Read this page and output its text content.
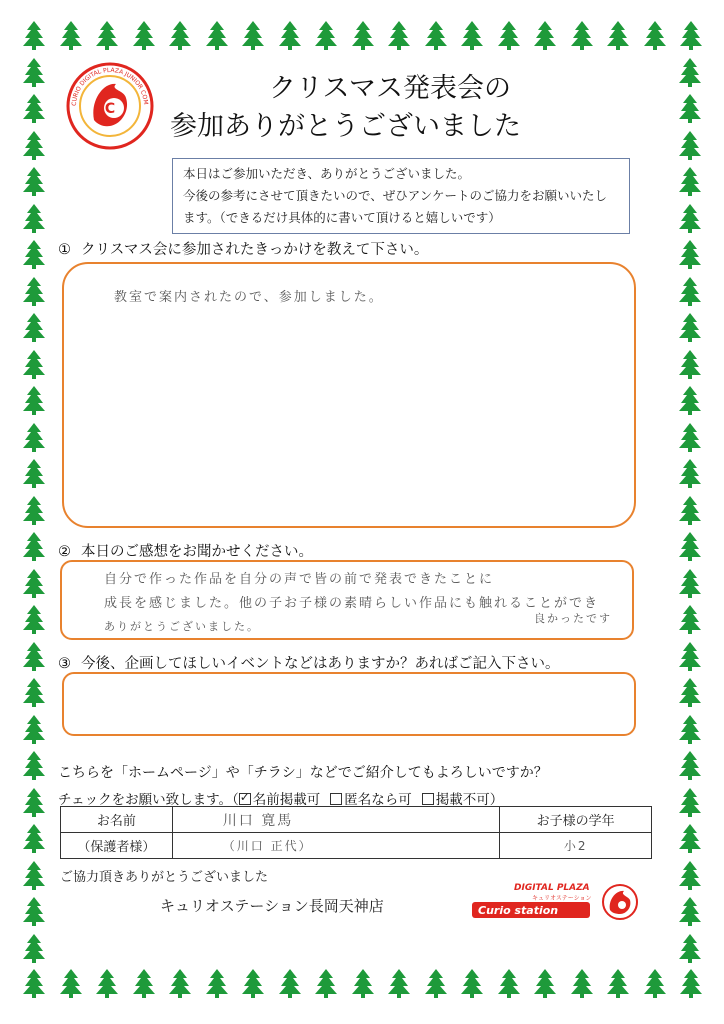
C
CURIO DIGITAL PLAZA JUNIOR COM	クリスマス発表会の
参加ありがとうございました
本日はご参加いただき、ありがとうございました。
今後の参考にさせて頂きたいので、ぜひアンケートのご協力をお願いいたし
ます。（できるだけ具体的に書いて頂けると嬉しいです）
① クリスマス会に参加されたきっかけを教えて下さい。
教室で案内されたので、参加しました。
② 本日のご感想をお聞かせください。
自分で作った作品を自分の声で皆の前で発表できたことに
成長を感じました。他の子お子様の素晴らしい作品にも触れることができ
ありがとうございました。
良かったです
③ 今後、企画してほしいイベントなどはありますか？あればご記入下さい。
こちらを「ホームページ」や「チラシ」などでご紹介してもよろしいですか？
チェックをお願い致します。（ ✓ 名前掲載可 匿名なら可 掲載不可）
お名前	川口 寛馬	お子様の学年
（保護者様）	（川口 正代）	小2
ご協力頂きありがとうございました
キュリオステーション長岡天神店
DIGITAL PLAZA
キュリオステーション
Curio station
